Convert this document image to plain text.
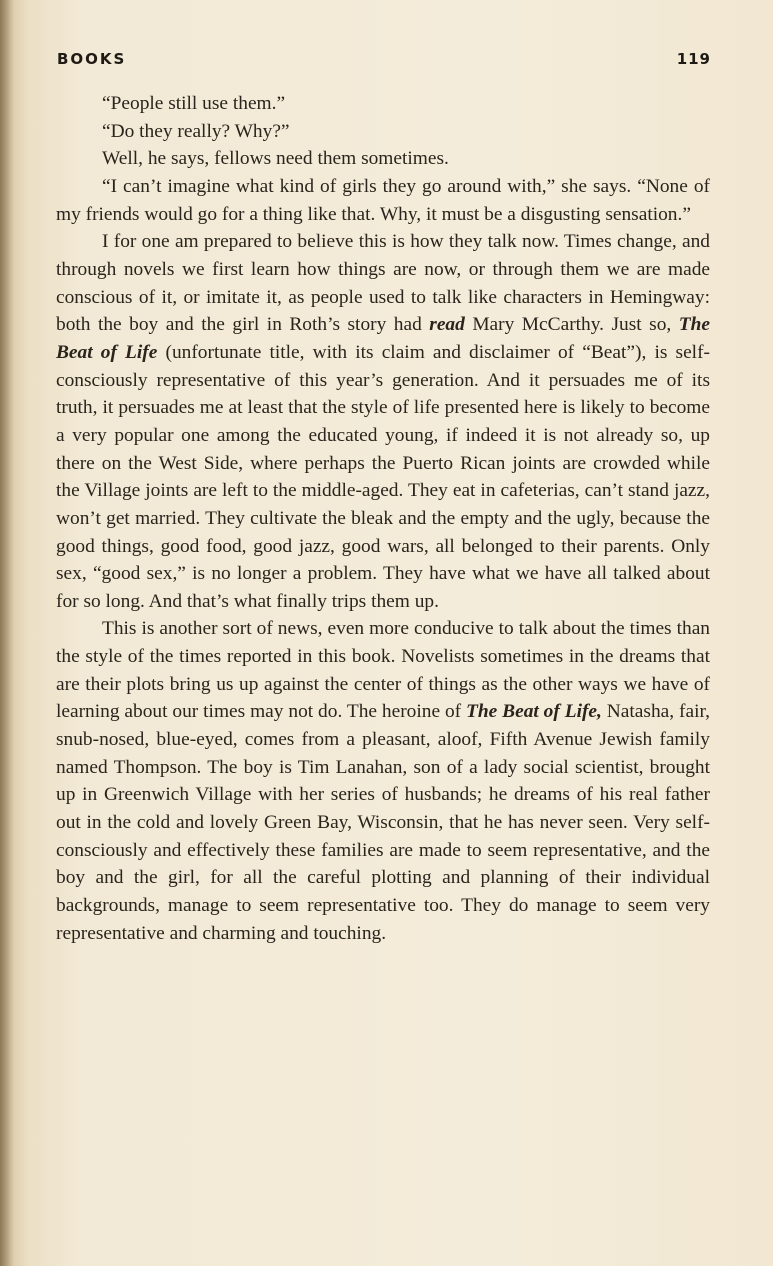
BOOKS	119

“People still use them.”

“Do they really? Why?”

Well, he says, fellows need them sometimes.

“I can’t imagine what kind of girls they go around with,” she says. “None of my friends would go for a thing like that. Why, it must be a disgusting sensation.”

I for one am prepared to believe this is how they talk now. Times change, and through novels we first learn how things are now, or through them we are made conscious of it, or imitate it, as people used to talk like characters in Hemingway: both the boy and the girl in Roth’s story had read Mary McCarthy. Just so, The Beat of Life (unfortunate title, with its claim and disclaimer of “Beat”), is self-consciously representative of this year’s generation. And it persuades me of its truth, it persuades me at least that the style of life presented here is likely to become a very popular one among the educated young, if indeed it is not already so, up there on the West Side, where perhaps the Puerto Rican joints are crowded while the Village joints are left to the middle-aged. They eat in cafeterias, can’t stand jazz, won’t get married. They cultivate the bleak and the empty and the ugly, because the good things, good food, good jazz, good wars, all belonged to their parents. Only sex, “good sex,” is no longer a problem. They have what we have all talked about for so long. And that’s what finally trips them up.

This is another sort of news, even more conducive to talk about the times than the style of the times reported in this book. Novelists sometimes in the dreams that are their plots bring us up against the center of things as the other ways we have of learning about our times may not do. The heroine of The Beat of Life, Natasha, fair, snub-nosed, blue-eyed, comes from a pleasant, aloof, Fifth Avenue Jewish family named Thompson. The boy is Tim Lanahan, son of a lady social scientist, brought up in Greenwich Village with her series of husbands; he dreams of his real father out in the cold and lovely Green Bay, Wisconsin, that he has never seen. Very self-consciously and effectively these families are made to seem representative, and the boy and the girl, for all the careful plotting and planning of their individual backgrounds, manage to seem representative too. They do manage to seem very representative and charming and touching.
